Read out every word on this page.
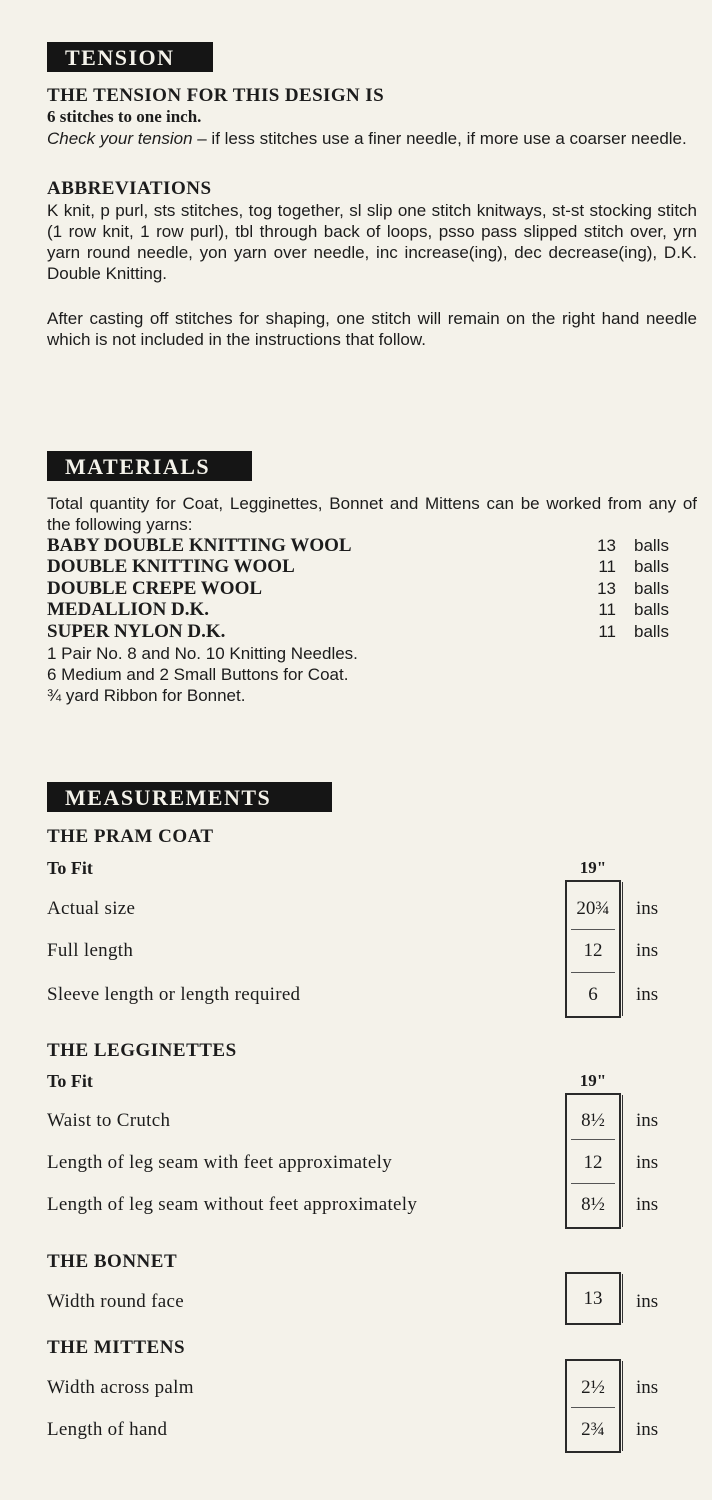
TENSION
THE TENSION FOR THIS DESIGN IS
6 stitches to one inch.
Check your tension – if less stitches use a finer needle, if more use a coarser needle.
ABBREVIATIONS
K knit, p purl, sts stitches, tog together, sl slip one stitch knitways, st-st stocking stitch (1 row knit, 1 row purl), tbl through back of loops, psso pass slipped stitch over, yrn yarn round needle, yon yarn over needle, inc increase(ing), dec decrease(ing), D.K. Double Knitting.
After casting off stitches for shaping, one stitch will remain on the right hand needle which is not included in the instructions that follow.
MATERIALS
Total quantity for Coat, Legginettes, Bonnet and Mittens can be worked from any of the following yarns:
BABY DOUBLE KNITTING WOOL	13 balls
DOUBLE KNITTING WOOL	11 balls
DOUBLE CREPE WOOL	13 balls
MEDALLION D.K.	11 balls
SUPER NYLON D.K.	11 balls
1 Pair No. 8 and No. 10 Knitting Needles.
6 Medium and 2 Small Buttons for Coat.
¾ yard Ribbon for Bonnet.
MEASUREMENTS
THE PRAM COAT
To Fit	19"
Actual size	20¾	ins
Full length	12	ins
Sleeve length or length required	6	ins
THE LEGGINETTES
To Fit	19"
Waist to Crutch	8½	ins
Length of leg seam with feet approximately	12	ins
Length of leg seam without feet approximately	8½	ins
THE BONNET
Width round face	13	ins
THE MITTENS
Width across palm	2½	ins
Length of hand	2¾	ins
